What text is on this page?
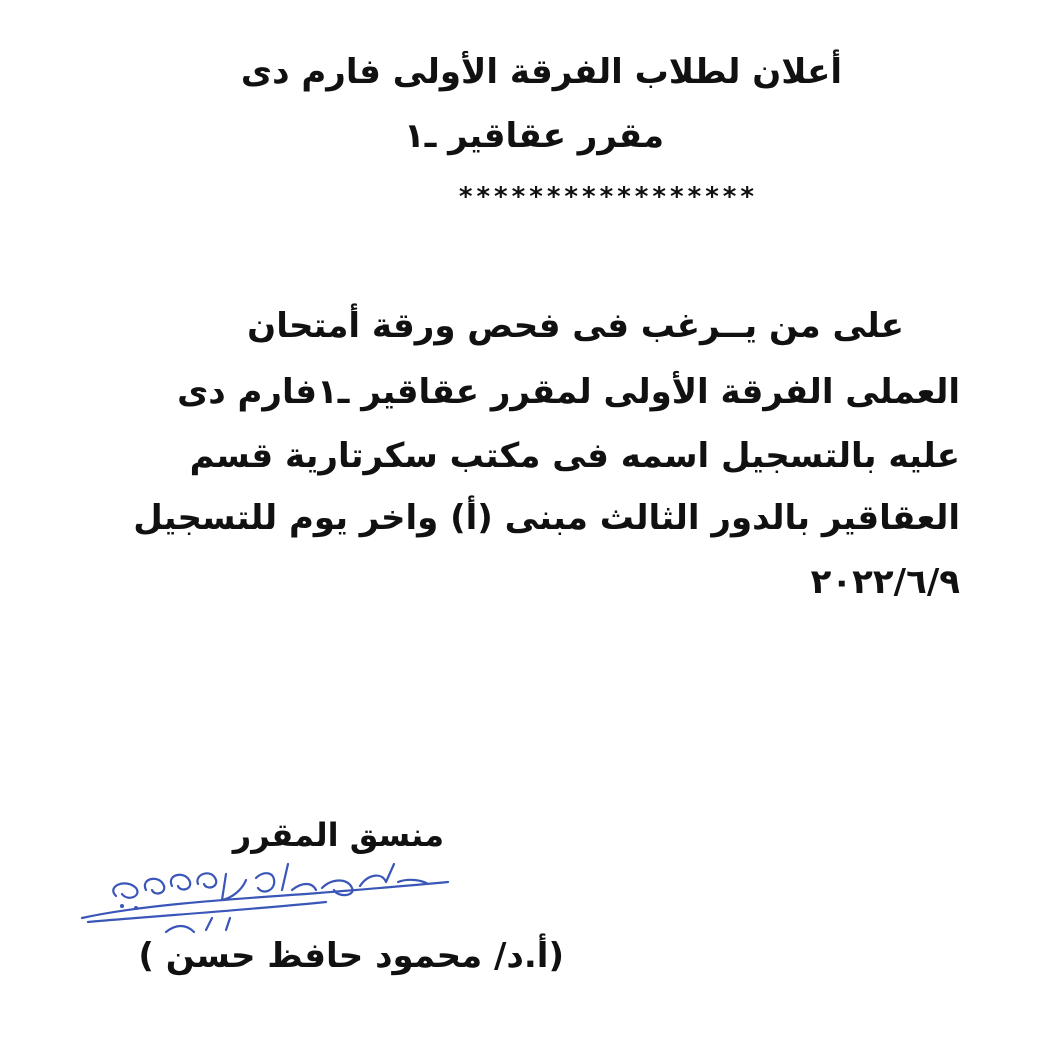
أعلان لطلاب الفرقة الأولى فارم دى
مقرر عقاقير ـ١
*****************
على من يــرغب فى فحص ورقة أمتحان
العملى الفرقة الأولى لمقرر عقاقير ـ١فارم دى
عليه بالتسجيل اسمه فى مكتب سكرتارية قسم
العقاقير بالدور الثالث مبنى (أ) واخر يوم للتسجيل
٢٠٢٢/٦/٩
منسق المقرر
(أ.د/ محمود حافظ حسن )
